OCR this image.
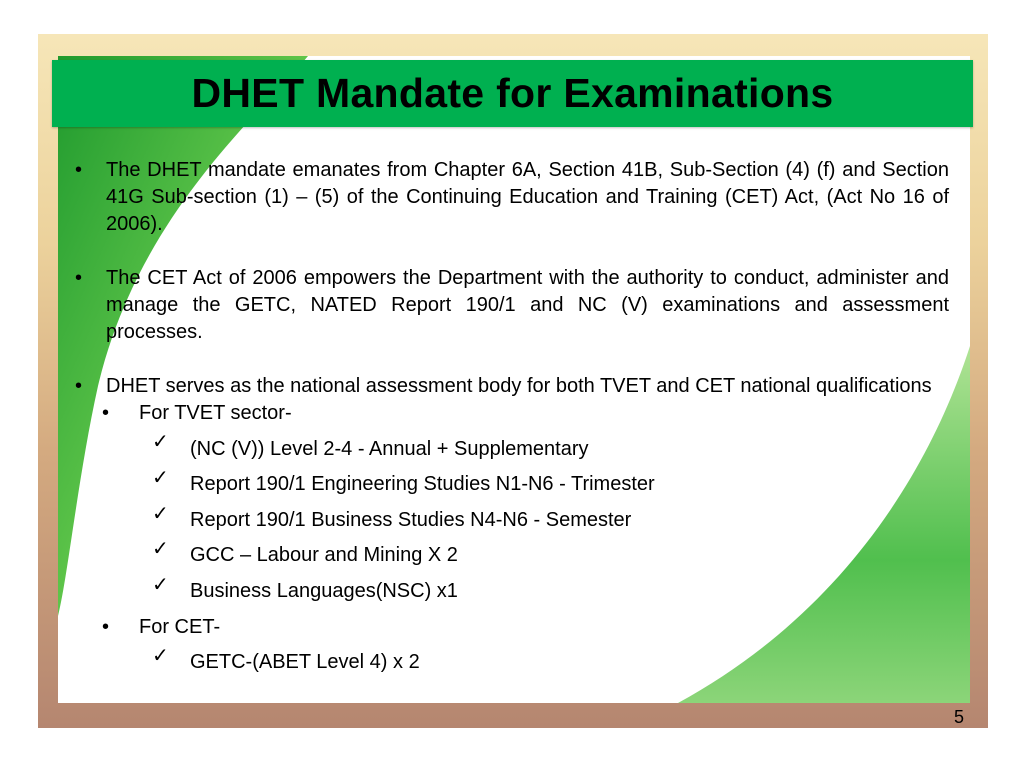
DHET Mandate for Examinations
• The DHET mandate emanates from Chapter 6A, Section 41B, Sub-Section (4) (f) and Section 41G Sub-section (1) – (5) of the Continuing Education and Training (CET) Act, (Act No 16 of 2006).
• The CET Act of 2006 empowers the Department with the authority to conduct, administer and manage the GETC, NATED Report 190/1 and NC (V) examinations and assessment processes.
• DHET serves as the national assessment body for both TVET and CET national qualifications
• For TVET sector-
✓ (NC (V)) Level 2-4 - Annual + Supplementary
✓ Report 190/1 Engineering Studies N1-N6 - Trimester
✓ Report 190/1 Business Studies N4-N6 - Semester
✓ GCC – Labour and Mining X 2
✓ Business Languages(NSC) x1
• For CET-
✓ GETC-(ABET Level 4) x 2
5
